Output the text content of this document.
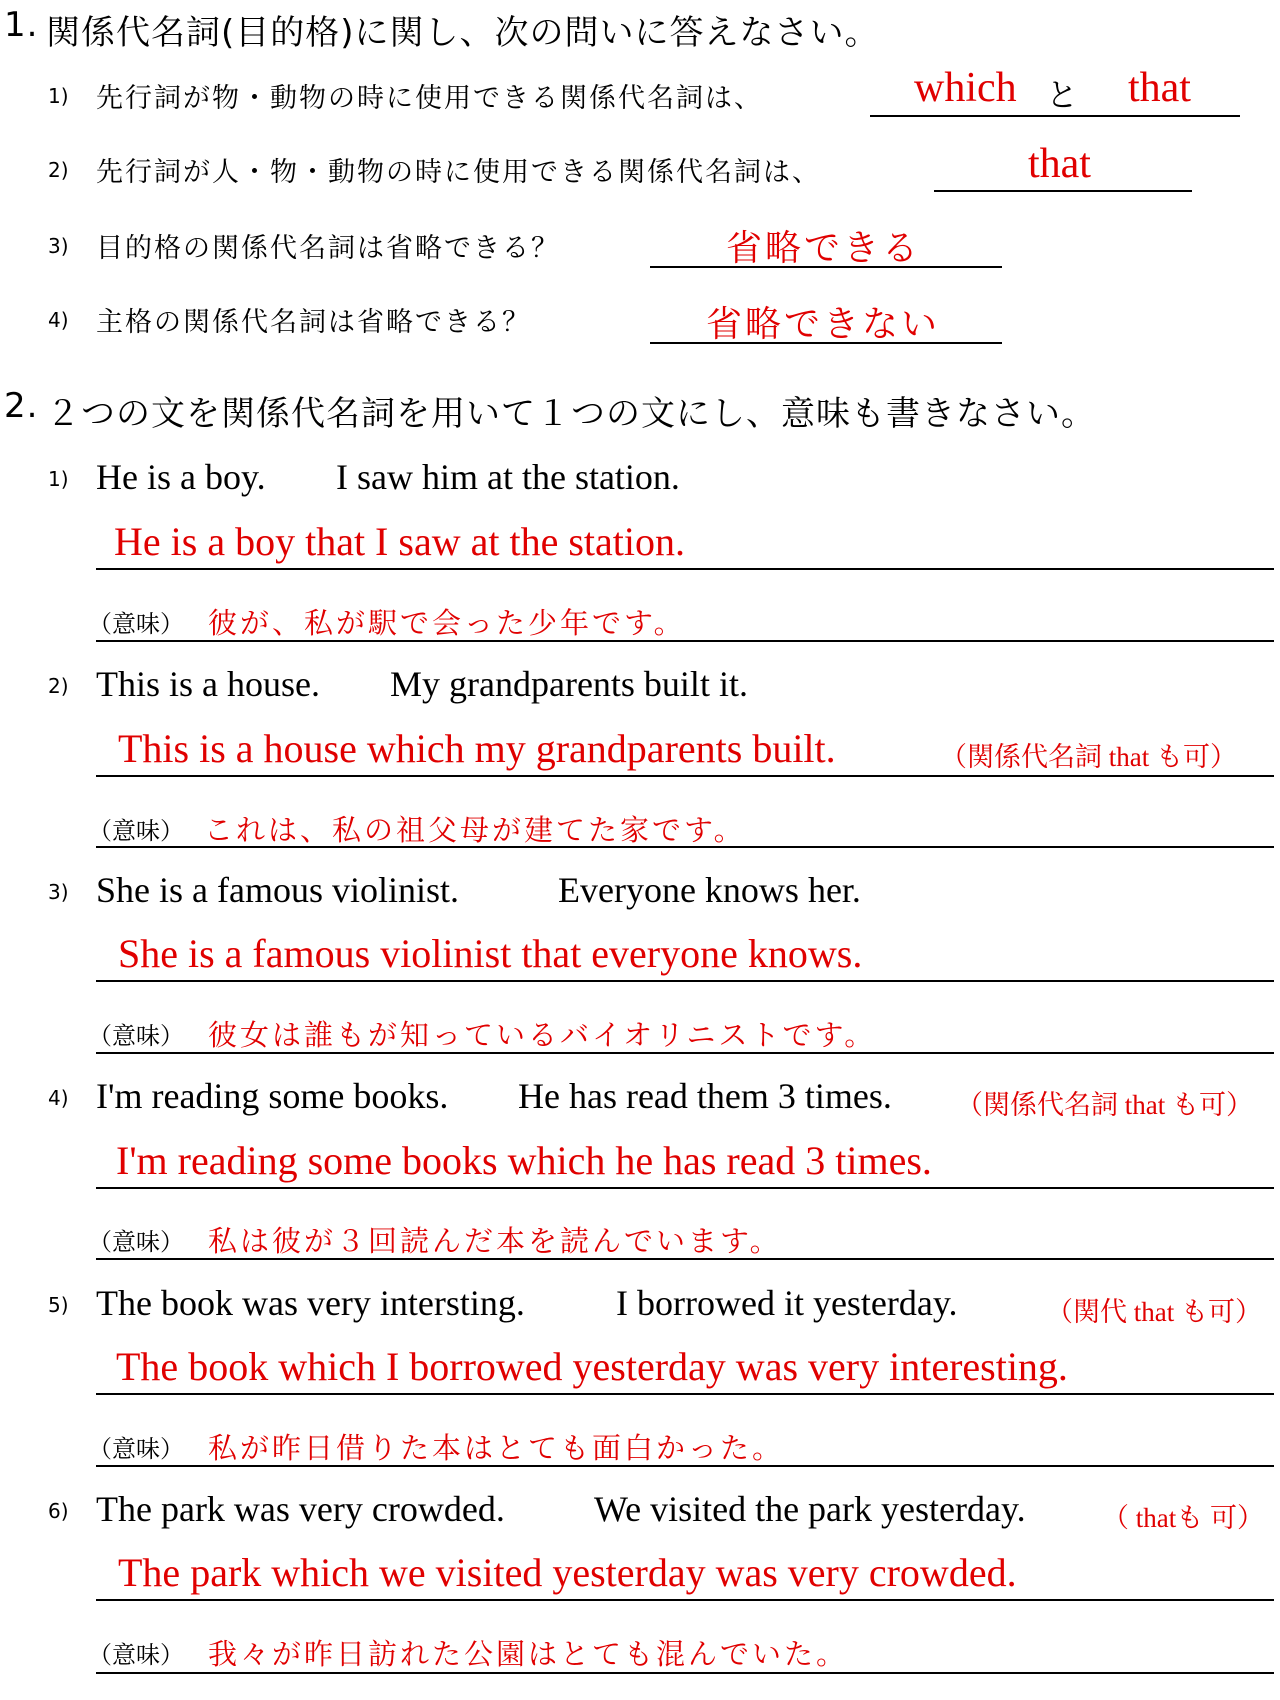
1. 関係代名詞(目的格)に関し、次の問いに答えなさい。
1) 先行詞が物・動物の時に使用できる関係代名詞は、	which と that
2) 先行詞が人・物・動物の時に使用できる関係代名詞は、	that
3) 目的格の関係代名詞は省略できる？	省略できる
4) 主格の関係代名詞は省略できる？	省略できない
2. ２つの文を関係代名詞を用いて１つの文にし、意味も書きなさい。
1) He is a boy. I saw him at the station.
He is a boy that I saw at the station.
（意味） 彼が、私が駅で会った少年です。
2) This is a house. My grandparents built it.
This is a house which my grandparents built.	（関係代名詞 that も可）
（意味） これは、私の祖父母が建てた家です。
3) She is a famous violinist.	Everyone knows her.
She is a famous violinist that everyone knows.
（意味） 彼女は誰もが知っているバイオリニストです。
4) I'm reading some books. He has read them 3 times. （関係代名詞 that も可）
I'm reading some books which he has read 3 times.
（意味） 私は彼が３回読んだ本を読んでいます。
5) The book was very intersting.	I borrowed it yesterday.	（関代 that も可）
The book which I borrowed yesterday was very interesting.
（意味） 私が昨日借りた本はとても面白かった。
6) The park was very crowded. We visited the park yesterday.	（ thatも 可）
The park which we visited yesterday was very crowded.
（意味） 我々が昨日訪れた公園はとても混んでいた。
